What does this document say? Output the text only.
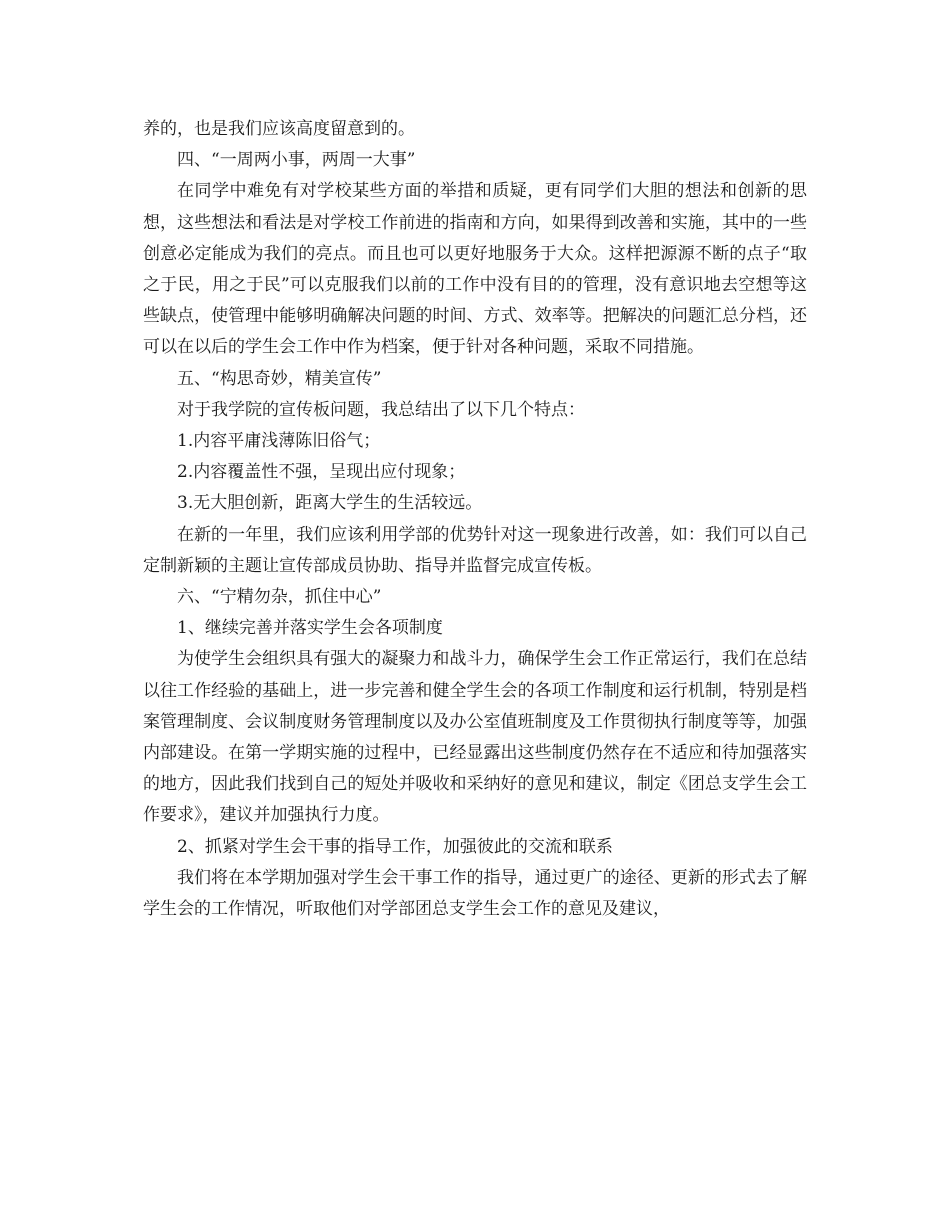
养的，也是我们应该高度留意到的。

四、“一周两小事，两周一大事”

在同学中难免有对学校某些方面的举措和质疑，更有同学们大胆的想法和创新的思想，这些想法和看法是对学校工作前进的指南和方向，如果得到改善和实施，其中的一些创意必定能成为我们的亮点。而且也可以更好地服务于大众。这样把源源不断的点子“取之于民，用之于民”可以克服我们以前的工作中没有目的的管理，没有意识地去空想等这些缺点，使管理中能够明确解决问题的时间、方式、效率等。把解决的问题汇总分档，还可以在以后的学生会工作中作为档案，便于针对各种问题，采取不同措施。

五、“构思奇妙，精美宣传”

对于我学院的宣传板问题，我总结出了以下几个特点：

1.内容平庸浅薄陈旧俗气；

2.内容覆盖性不强，呈现出应付现象；

3.无大胆创新，距离大学生的生活较远。

在新的一年里，我们应该利用学部的优势针对这一现象进行改善，如：我们可以自己定制新颖的主题让宣传部成员协助、指导并监督完成宣传板。

六、“宁精勿杂，抓住中心”

1、继续完善并落实学生会各项制度

为使学生会组织具有强大的凝聚力和战斗力，确保学生会工作正常运行，我们在总结以往工作经验的基础上，进一步完善和健全学生会的各项工作制度和运行机制，特别是档案管理制度、会议制度财务管理制度以及办公室值班制度及工作贯彻执行制度等等，加强内部建设。在第一学期实施的过程中，已经显露出这些制度仍然存在不适应和待加强落实的地方，因此我们找到自己的短处并吸收和采纳好的意见和建议，制定《团总支学生会工作要求》，建议并加强执行力度。

2、抓紧对学生会干事的指导工作，加强彼此的交流和联系

我们将在本学期加强对学生会干事工作的指导，通过更广的途径、更新的形式去了解学生会的工作情况，听取他们对学部团总支学生会工作的意见及建议，
